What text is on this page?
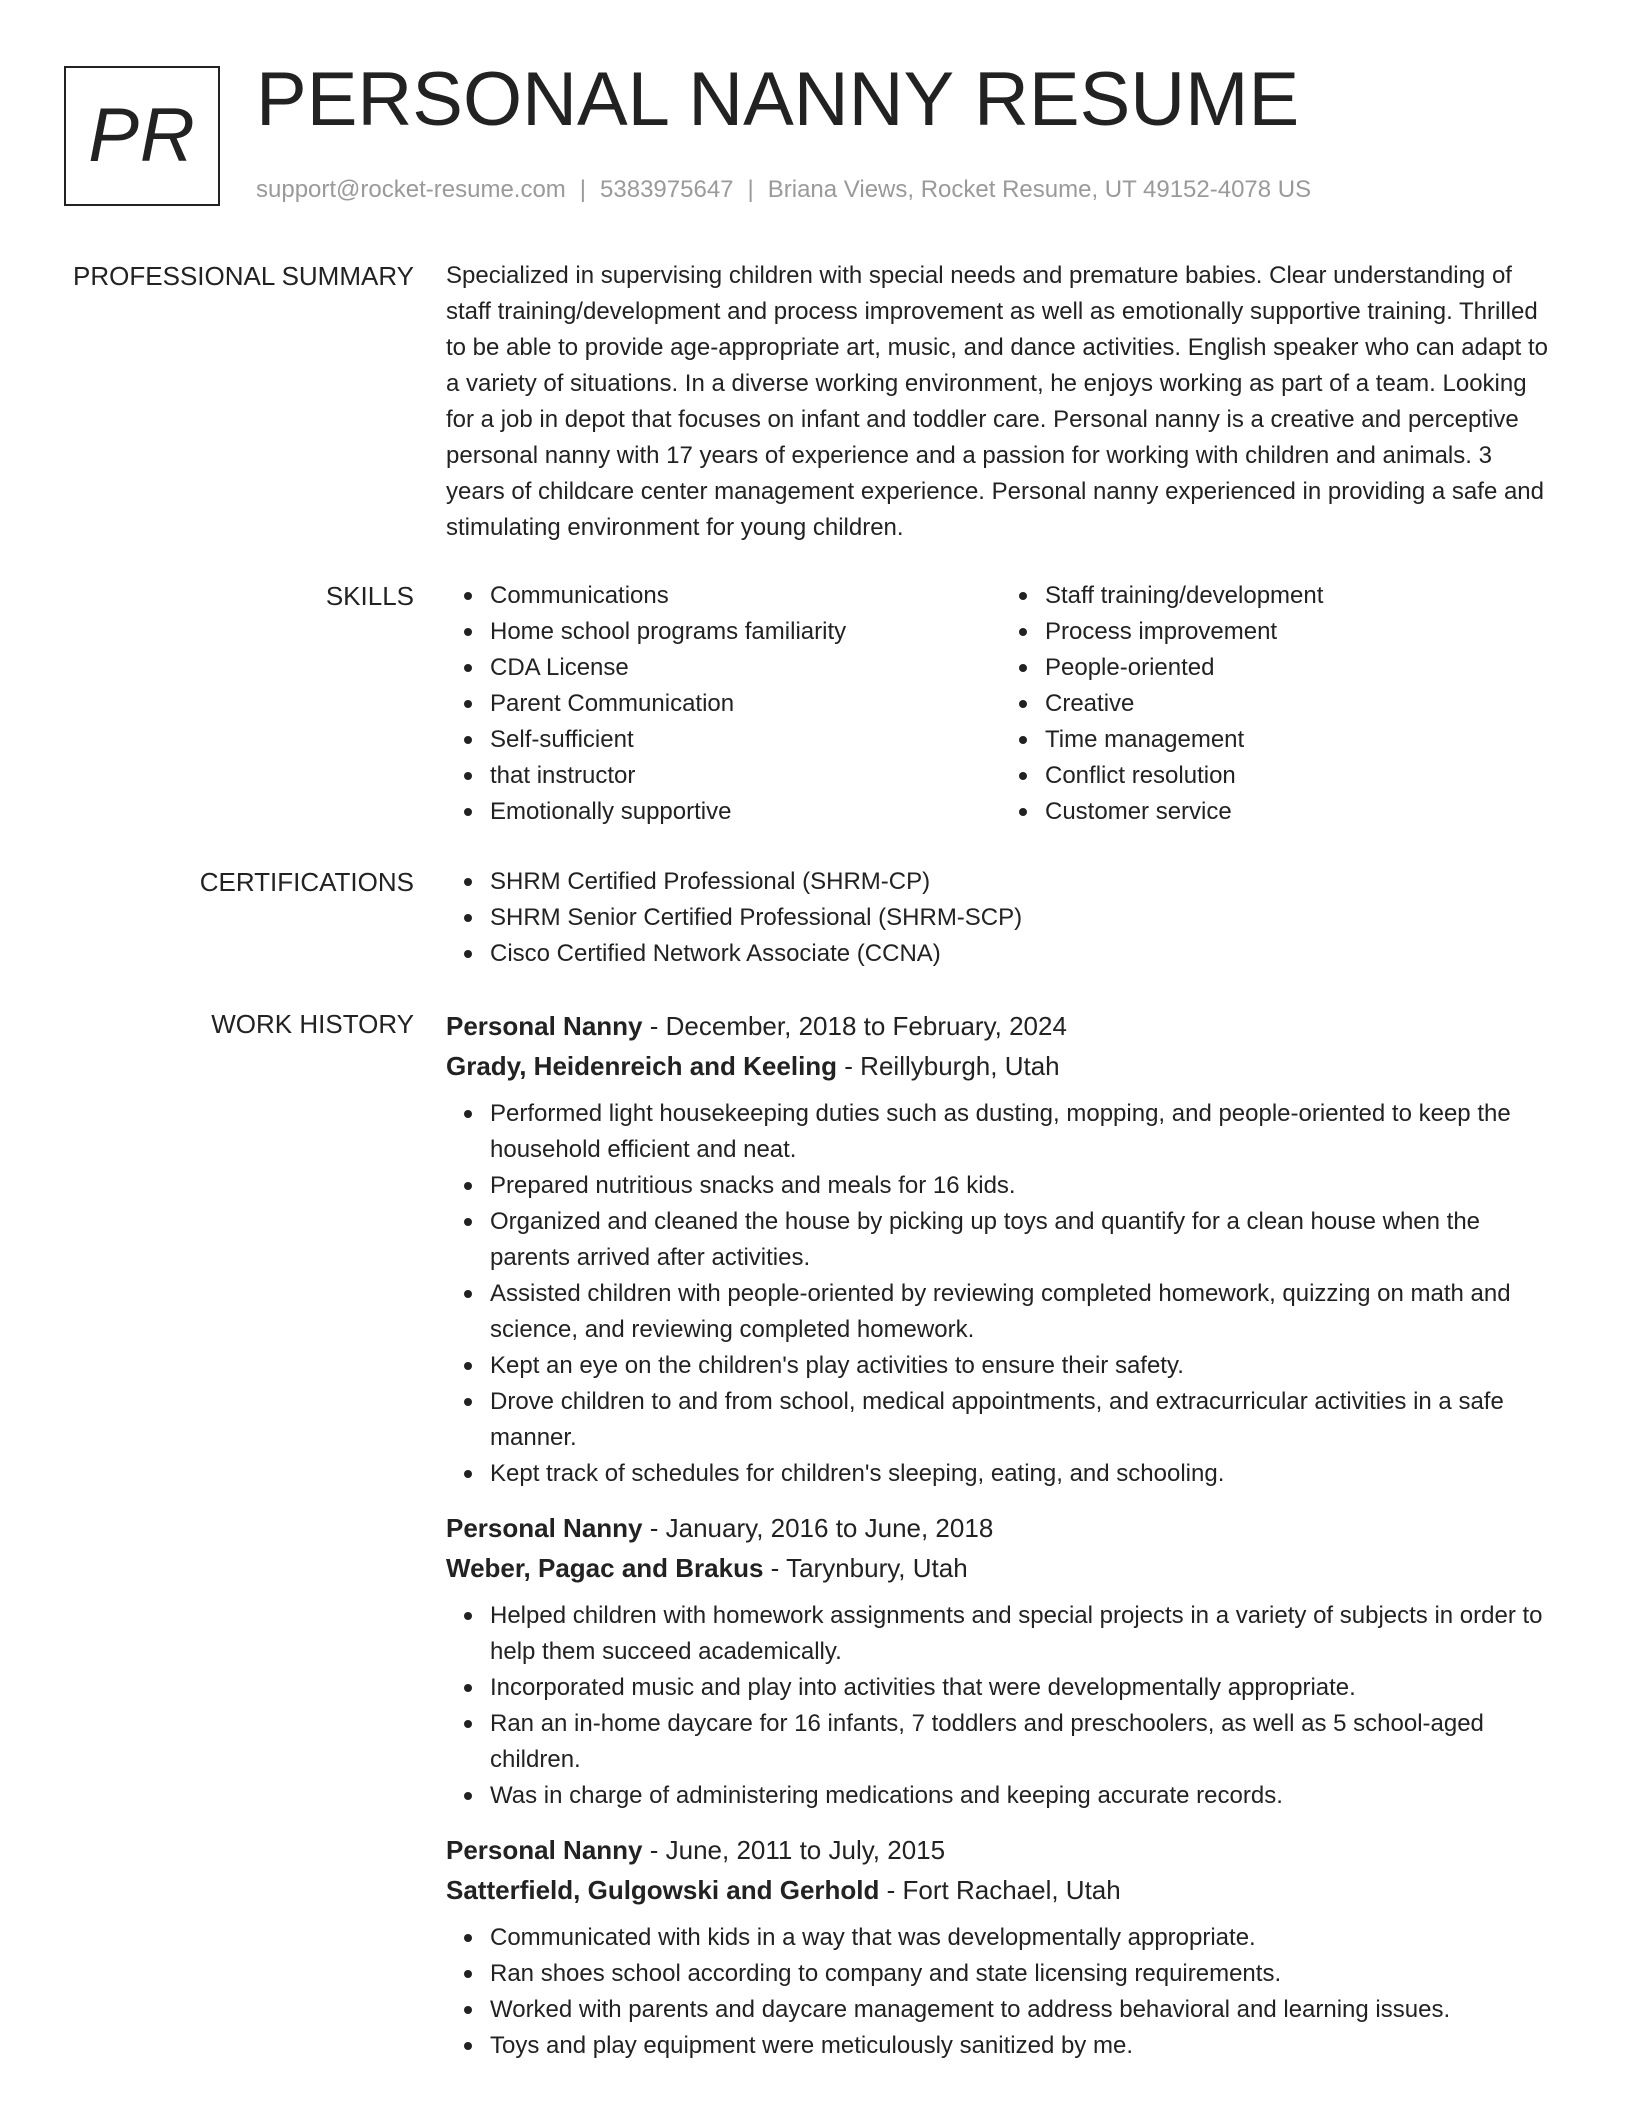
PR PERSONAL NANNY RESUME
support@rocket-resume.com | 5383975647 | Briana Views, Rocket Resume, UT 49152-4078 US
PROFESSIONAL SUMMARY Specialized in supervising children with special needs and premature babies. Clear understanding of staff training/development and process improvement as well as emotionally supportive training. Thrilled to be able to provide age-appropriate art, music, and dance activities. English speaker who can adapt to a variety of situations. In a diverse working environment, he enjoys working as part of a team. Looking for a job in depot that focuses on infant and toddler care. Personal nanny is a creative and perceptive personal nanny with 17 years of experience and a passion for working with children and animals. 3 years of childcare center management experience. Personal nanny experienced in providing a safe and stimulating environment for young children.

SKILLS	Communications
Home school programs familiarity
CDA License
Parent Communication
Self-sufficient
that instructor
Emotionally supportive
Staff training/development
Process improvement
People-oriented
Creative
Time management
Conflict resolution
Customer service
CERTIFICATIONS	SHRM Certified Professional (SHRM-CP)
SHRM Senior Certified Professional (SHRM-SCP)
Cisco Certified Network Associate (CCNA)
WORK HISTORY Personal Nanny - December, 2018 to February, 2024
Grady, Heidenreich and Keeling - Reillyburgh, Utah
Performed light housekeeping duties such as dusting, mopping, and people-oriented to keep the household efficient and neat.
Prepared nutritious snacks and meals for 16 kids.
Organized and cleaned the house by picking up toys and quantify for a clean house when the parents arrived after activities.
Assisted children with people-oriented by reviewing completed homework, quizzing on math and science, and reviewing completed homework.
Kept an eye on the children's play activities to ensure their safety.
Drove children to and from school, medical appointments, and extracurricular activities in a safe manner.
Kept track of schedules for children's sleeping, eating, and schooling.
Personal Nanny - January, 2016 to June, 2018
Weber, Pagac and Brakus - Tarynbury, Utah
Helped children with homework assignments and special projects in a variety of subjects in order to help them succeed academically.
Incorporated music and play into activities that were developmentally appropriate.
Ran an in-home daycare for 16 infants, 7 toddlers and preschoolers, as well as 5 school-aged children.
Was in charge of administering medications and keeping accurate records.
Personal Nanny - June, 2011 to July, 2015
Satterfield, Gulgowski and Gerhold - Fort Rachael, Utah
Communicated with kids in a way that was developmentally appropriate.
Ran shoes school according to company and state licensing requirements.
Worked with parents and daycare management to address behavioral and learning issues.
Toys and play equipment were meticulously sanitized by me.
